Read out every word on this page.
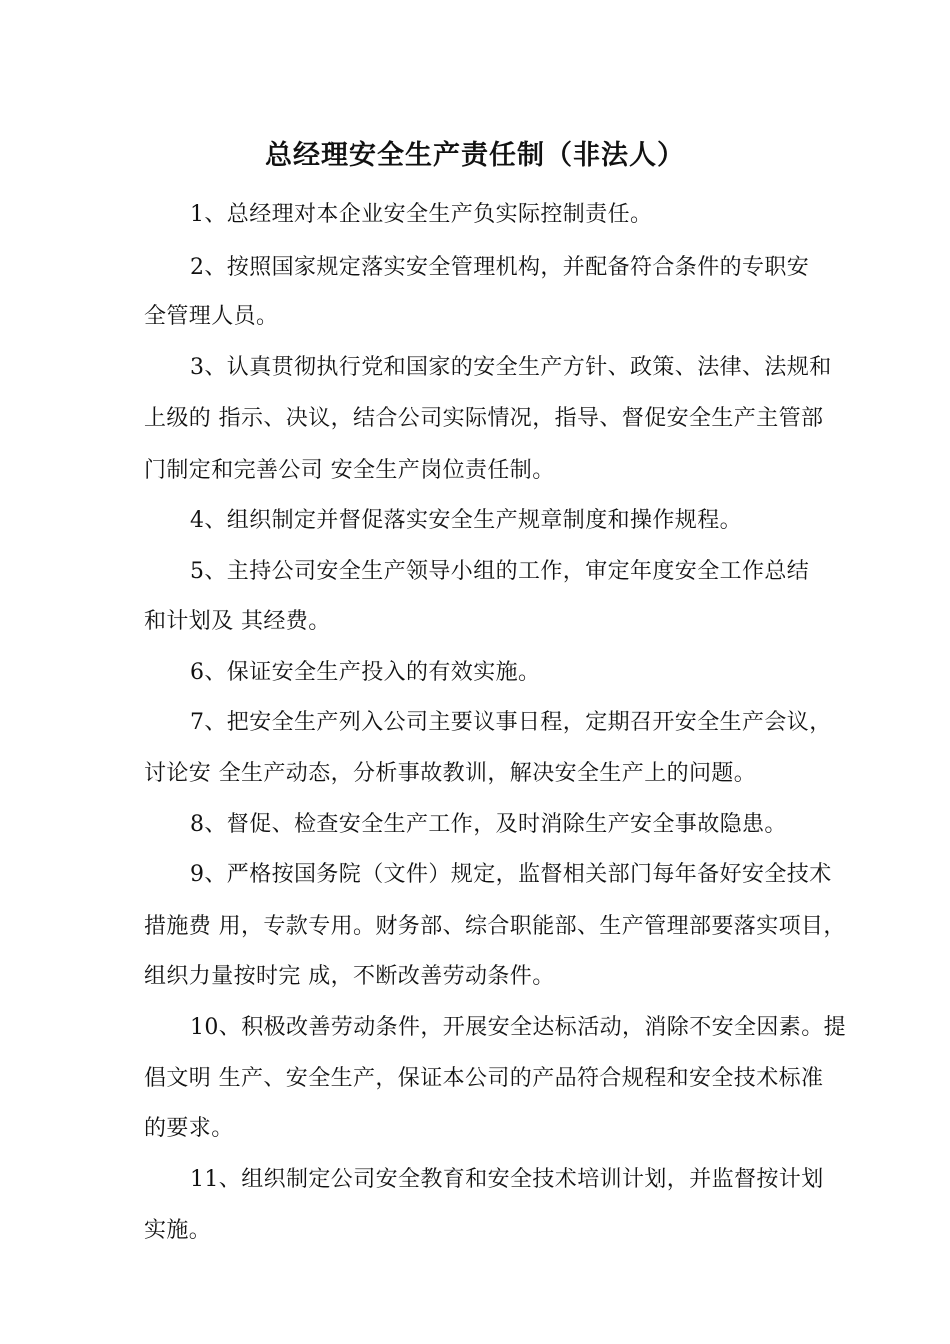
总经理安全生产责任制（非法人）
1、总经理对本企业安全生产负实际控制责任。
2、按照国家规定落实安全管理机构，并配备符合条件的专职安
全管理人员。
3、认真贯彻执行党和国家的安全生产方针、政策、法律、法规和
上级的 指示、决议，结合公司实际情况，指导、督促安全生产主管部
门制定和完善公司 安全生产岗位责任制。
4、组织制定并督促落实安全生产规章制度和操作规程。
5、主持公司安全生产领导小组的工作，审定年度安全工作总结
和计划及 其经费。
6、保证安全生产投入的有效实施。
7、把安全生产列入公司主要议事日程，定期召开安全生产会议，
讨论安 全生产动态，分析事故教训，解决安全生产上的问题。
8、督促、检查安全生产工作，及时消除生产安全事故隐患。
9、严格按国务院（文件）规定，监督相关部门每年备好安全技术
措施费 用，专款专用。财务部、综合职能部、生产管理部要落实项目，
组织力量按时完 成，不断改善劳动条件。
10、积极改善劳动条件，开展安全达标活动，消除不安全因素。提
倡文明 生产、安全生产，保证本公司的产品符合规程和安全技术标准
的要求。
11、组织制定公司安全教育和安全技术培训计划，并监督按计划
实施。
